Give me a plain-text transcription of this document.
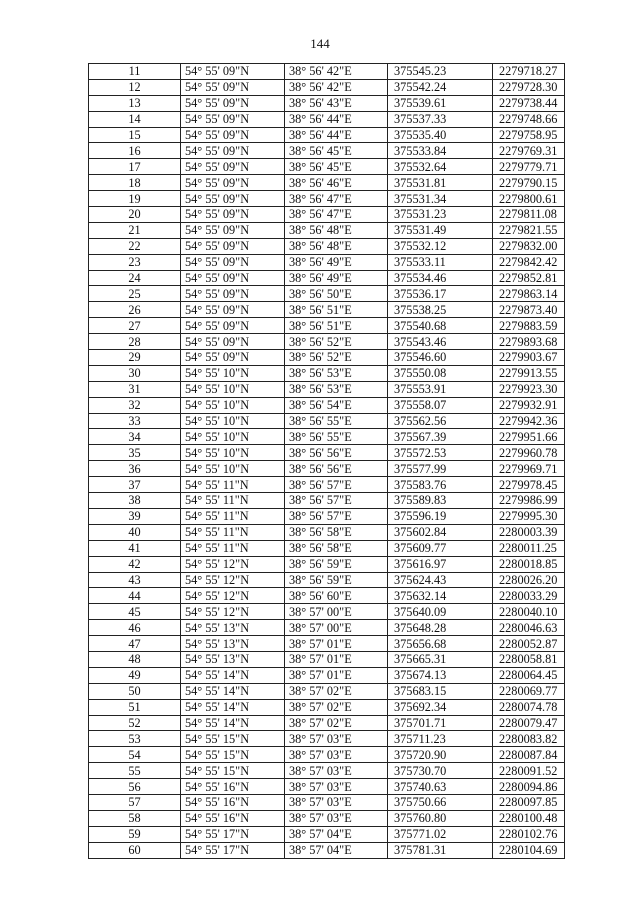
144
11	54° 55' 09"N	38° 56' 42"E	375545.23	2279718.27
12	54° 55' 09"N	38° 56' 42"E	375542.24	2279728.30
13	54° 55' 09"N	38° 56' 43"E	375539.61	2279738.44
14	54° 55' 09"N	38° 56' 44"E	375537.33	2279748.66
15	54° 55' 09"N	38° 56' 44"E	375535.40	2279758.95
16	54° 55' 09"N	38° 56' 45"E	375533.84	2279769.31
17	54° 55' 09"N	38° 56' 45"E	375532.64	2279779.71
18	54° 55' 09"N	38° 56' 46"E	375531.81	2279790.15
19	54° 55' 09"N	38° 56' 47"E	375531.34	2279800.61
20	54° 55' 09"N	38° 56' 47"E	375531.23	2279811.08
21	54° 55' 09"N	38° 56' 48"E	375531.49	2279821.55
22	54° 55' 09"N	38° 56' 48"E	375532.12	2279832.00
23	54° 55' 09"N	38° 56' 49"E	375533.11	2279842.42
24	54° 55' 09"N	38° 56' 49"E	375534.46	2279852.81
25	54° 55' 09"N	38° 56' 50"E	375536.17	2279863.14
26	54° 55' 09"N	38° 56' 51"E	375538.25	2279873.40
27	54° 55' 09"N	38° 56' 51"E	375540.68	2279883.59
28	54° 55' 09"N	38° 56' 52"E	375543.46	2279893.68
29	54° 55' 09"N	38° 56' 52"E	375546.60	2279903.67
30	54° 55' 10"N	38° 56' 53"E	375550.08	2279913.55
31	54° 55' 10"N	38° 56' 53"E	375553.91	2279923.30
32	54° 55' 10"N	38° 56' 54"E	375558.07	2279932.91
33	54° 55' 10"N	38° 56' 55"E	375562.56	2279942.36
34	54° 55' 10"N	38° 56' 55"E	375567.39	2279951.66
35	54° 55' 10"N	38° 56' 56"E	375572.53	2279960.78
36	54° 55' 10"N	38° 56' 56"E	375577.99	2279969.71
37	54° 55' 11"N	38° 56' 57"E	375583.76	2279978.45
38	54° 55' 11"N	38° 56' 57"E	375589.83	2279986.99
39	54° 55' 11"N	38° 56' 57"E	375596.19	2279995.30
40	54° 55' 11"N	38° 56' 58"E	375602.84	2280003.39
41	54° 55' 11"N	38° 56' 58"E	375609.77	2280011.25
42	54° 55' 12"N	38° 56' 59"E	375616.97	2280018.85
43	54° 55' 12"N	38° 56' 59"E	375624.43	2280026.20
44	54° 55' 12"N	38° 56' 60"E	375632.14	2280033.29
45	54° 55' 12"N	38° 57' 00"E	375640.09	2280040.10
46	54° 55' 13"N	38° 57' 00"E	375648.28	2280046.63
47	54° 55' 13"N	38° 57' 01"E	375656.68	2280052.87
48	54° 55' 13"N	38° 57' 01"E	375665.31	2280058.81
49	54° 55' 14"N	38° 57' 01"E	375674.13	2280064.45
50	54° 55' 14"N	38° 57' 02"E	375683.15	2280069.77
51	54° 55' 14"N	38° 57' 02"E	375692.34	2280074.78
52	54° 55' 14"N	38° 57' 02"E	375701.71	2280079.47
53	54° 55' 15"N	38° 57' 03"E	375711.23	2280083.82
54	54° 55' 15"N	38° 57' 03"E	375720.90	2280087.84
55	54° 55' 15"N	38° 57' 03"E	375730.70	2280091.52
56	54° 55' 16"N	38° 57' 03"E	375740.63	2280094.86
57	54° 55' 16"N	38° 57' 03"E	375750.66	2280097.85
58	54° 55' 16"N	38° 57' 03"E	375760.80	2280100.48
59	54° 55' 17"N	38° 57' 04"E	375771.02	2280102.76
60	54° 55' 17"N	38° 57' 04"E	375781.31	2280104.69
